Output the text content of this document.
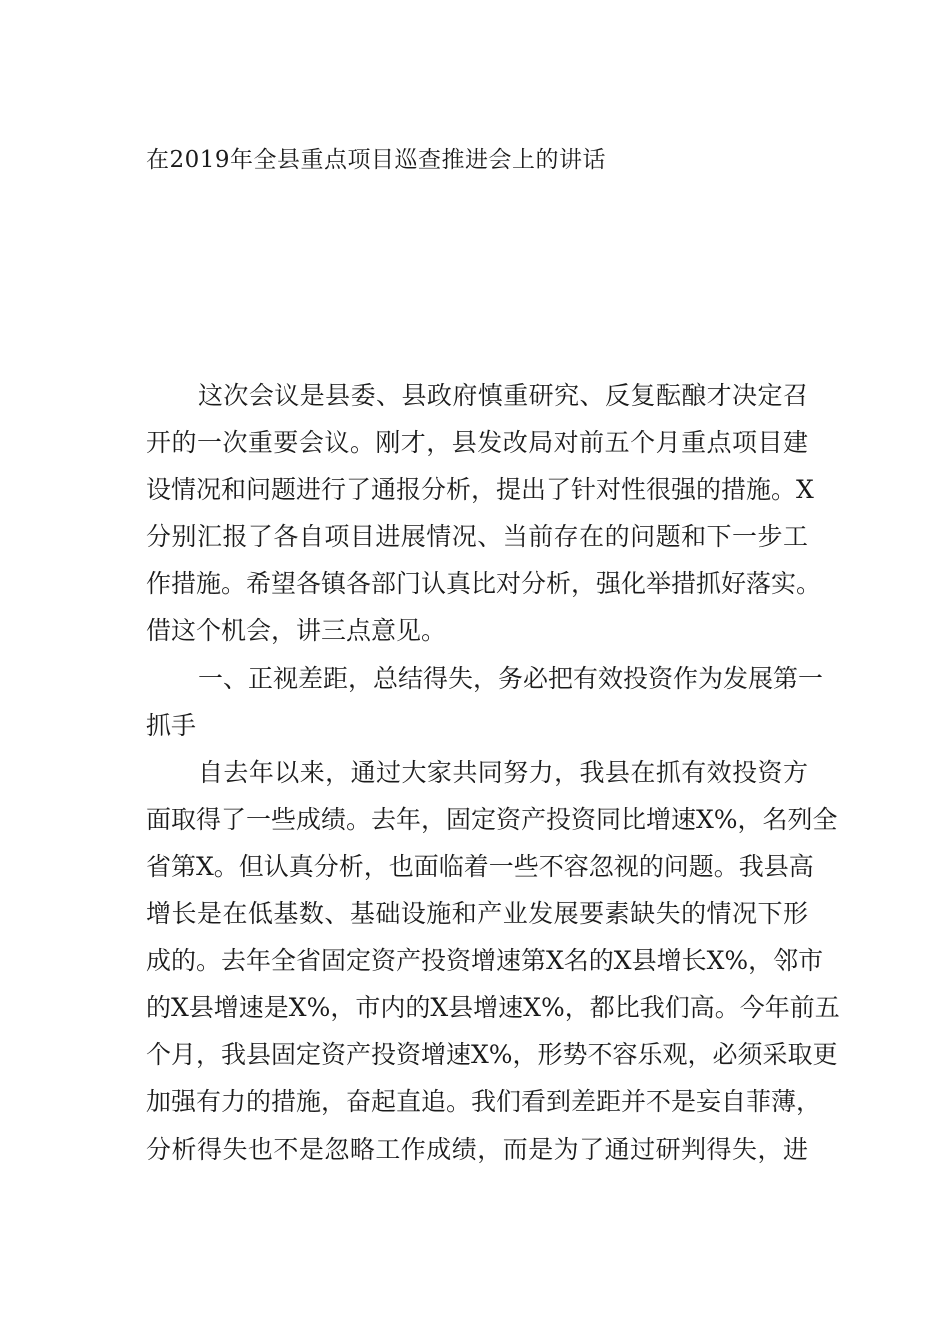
在2019年全县重点项目巡查推进会上的讲话
这次会议是县委、县政府慎重研究、反复酝酿才决定召
开的一次重要会议。刚才，县发改局对前五个月重点项目建
设情况和问题进行了通报分析，提出了针对性很强的措施。X
分别汇报了各自项目进展情况、当前存在的问题和下一步工
作措施。希望各镇各部门认真比对分析，强化举措抓好落实。
借这个机会，讲三点意见。
一、正视差距，总结得失，务必把有效投资作为发展第一
抓手
自去年以来，通过大家共同努力，我县在抓有效投资方
面取得了一些成绩。去年，固定资产投资同比增速X%，名列全
省第X。但认真分析，也面临着一些不容忽视的问题。我县高
增长是在低基数、基础设施和产业发展要素缺失的情况下形
成的。去年全省固定资产投资增速第X名的X县增长X%，邻市
的X县增速是X%，市内的X县增速X%，都比我们高。今年前五
个月，我县固定资产投资增速X%，形势不容乐观，必须采取更
加强有力的措施，奋起直追。我们看到差距并不是妄自菲薄，
分析得失也不是忽略工作成绩，而是为了通过研判得失，进
